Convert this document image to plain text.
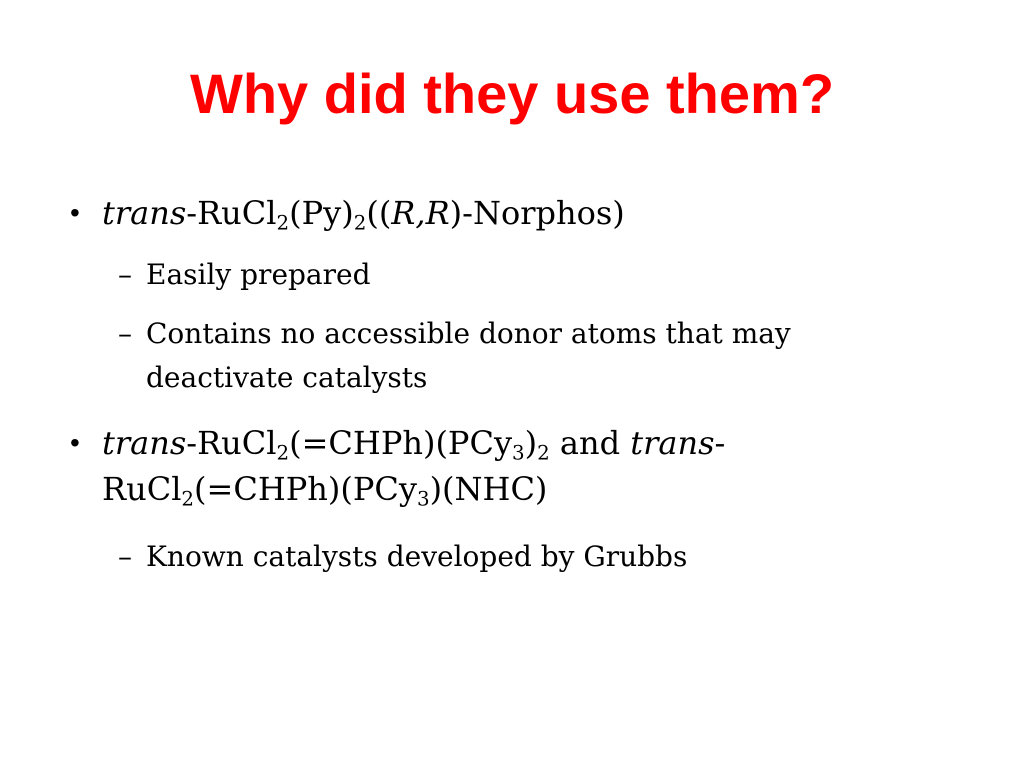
Why did they use them?
• trans-$RuCl_2(Py)_2((R,R)-Norphos)$
– Easily prepared
– Contains no accessible donor atoms that may
deactivate catalysts
• trans-$RuCl_2(=CHPh)(PCy_3)_2$ and trans-
RuCl$_2$(=CHPh)(PCy$_3$)(NHC)
– Known catalysts developed by Grubbs
